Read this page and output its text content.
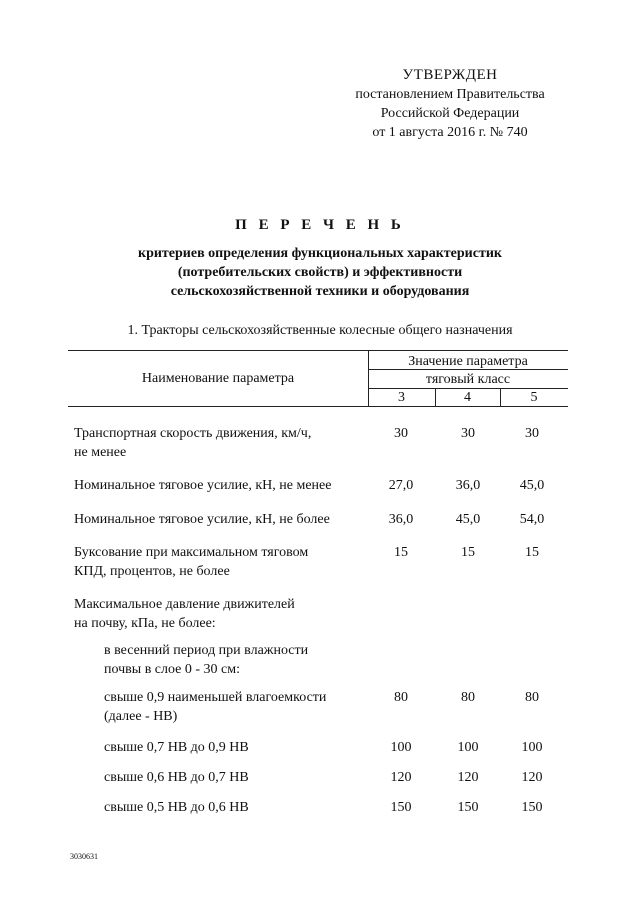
УТВЕРЖДЕН
постановлением Правительства
Российской Федерации
от 1 августа 2016 г. № 740
П Е Р Е Ч Е Н Ь
критериев определения функциональных характеристик
(потребительских свойств) и эффективности
сельскохозяйственной техники и оборудования
1. Тракторы сельскохозяйственные колесные общего назначения
Наименование параметра
Значение параметра
тяговый класс
3	4	5
Транспортная скорость движения, км/ч,
не менее
30	30	30
Номинальное тяговое усилие, кН, не менее	27,0	36,0	45,0
Номинальное тяговое усилие, кН, не более	36,0	45,0	54,0
Буксование при максимальном тяговом
КПД, процентов, не более
15	15	15
Максимальное давление движителей
на почву, кПа, не более:
в весенний период при влажности
почвы в слое 0 - 30 см:
свыше 0,9 наименьшей влагоемкости
(далее - НВ)
80	80	80
свыше 0,7 НВ до 0,9 НВ	100	100	100
свыше 0,6 НВ до 0,7 НВ	120	120	120
свыше 0,5 НВ до 0,6 НВ	150	150	150
3030631
